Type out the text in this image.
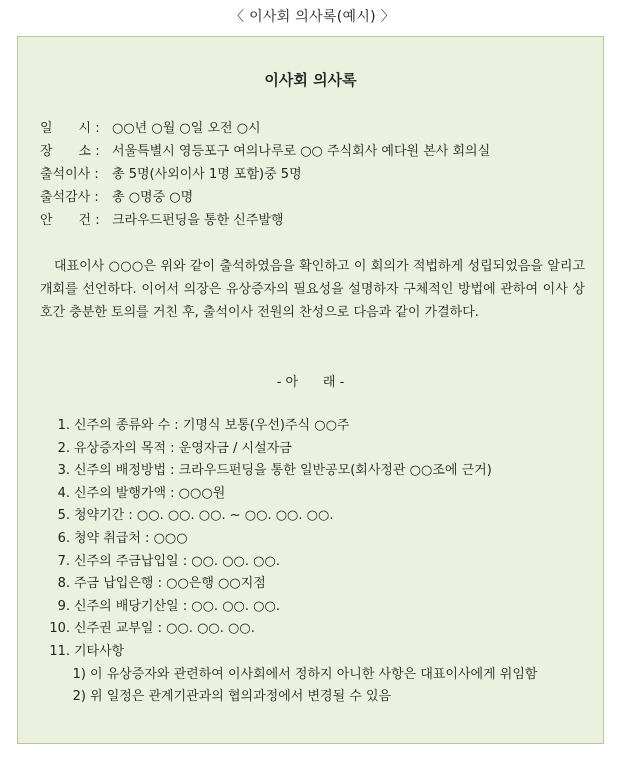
〈 이사회 의사록(예시) 〉
이사회 의사록
일　　시 : ○○년 ○월 ○일 오전 ○시
장　　소 : 서울특별시 영등포구 여의나루로 ○○ 주식회사 예다원 본사 회의실
출석이사 : 총 5명(사외이사 1명 포함)중 5명
출석감사 : 총 ○명중 ○명
안　　건 : 크라우드펀딩을 통한 신주발행
대표이사 ○○○은 위와 같이 출석하였음을 확인하고 이 회의가 적법하게 성립되었음을 알리고 개회를 선언하다. 이어서 의장은 유상증자의 필요성을 설명하자 구체적인 방법에 관하여 이사 상호간 충분한 토의를 거친 후, 출석이사 전원의 찬성으로 다음과 같이 가결하다.
- 아      래 -
1. 신주의 종류와 수 : 기명식 보통(우선)주식 ○○주
2. 유상증자의 목적 : 운영자금 / 시설자금
3. 신주의 배정방법 : 크라우드펀딩을 통한 일반공모(회사정관 ○○조에 근거)
4. 신주의 발행가액 : ○○○원
5. 청약기간 : ○○. ○○. ○○. ~ ○○. ○○. ○○.
6. 청약 취급처 : ○○○
7. 신주의 주금납입일 : ○○. ○○. ○○.
8. 주금 납입은행 : ○○은행 ○○지점
9. 신주의 배당기산일 : ○○. ○○. ○○.
10. 신주권 교부일 : ○○. ○○. ○○.
11. 기타사항
1) 이 유상증자와 관련하여 이사회에서 정하지 아니한 사항은 대표이사에게 위임함
2) 위 일정은 관계기관과의 협의과정에서 변경될 수 있음
